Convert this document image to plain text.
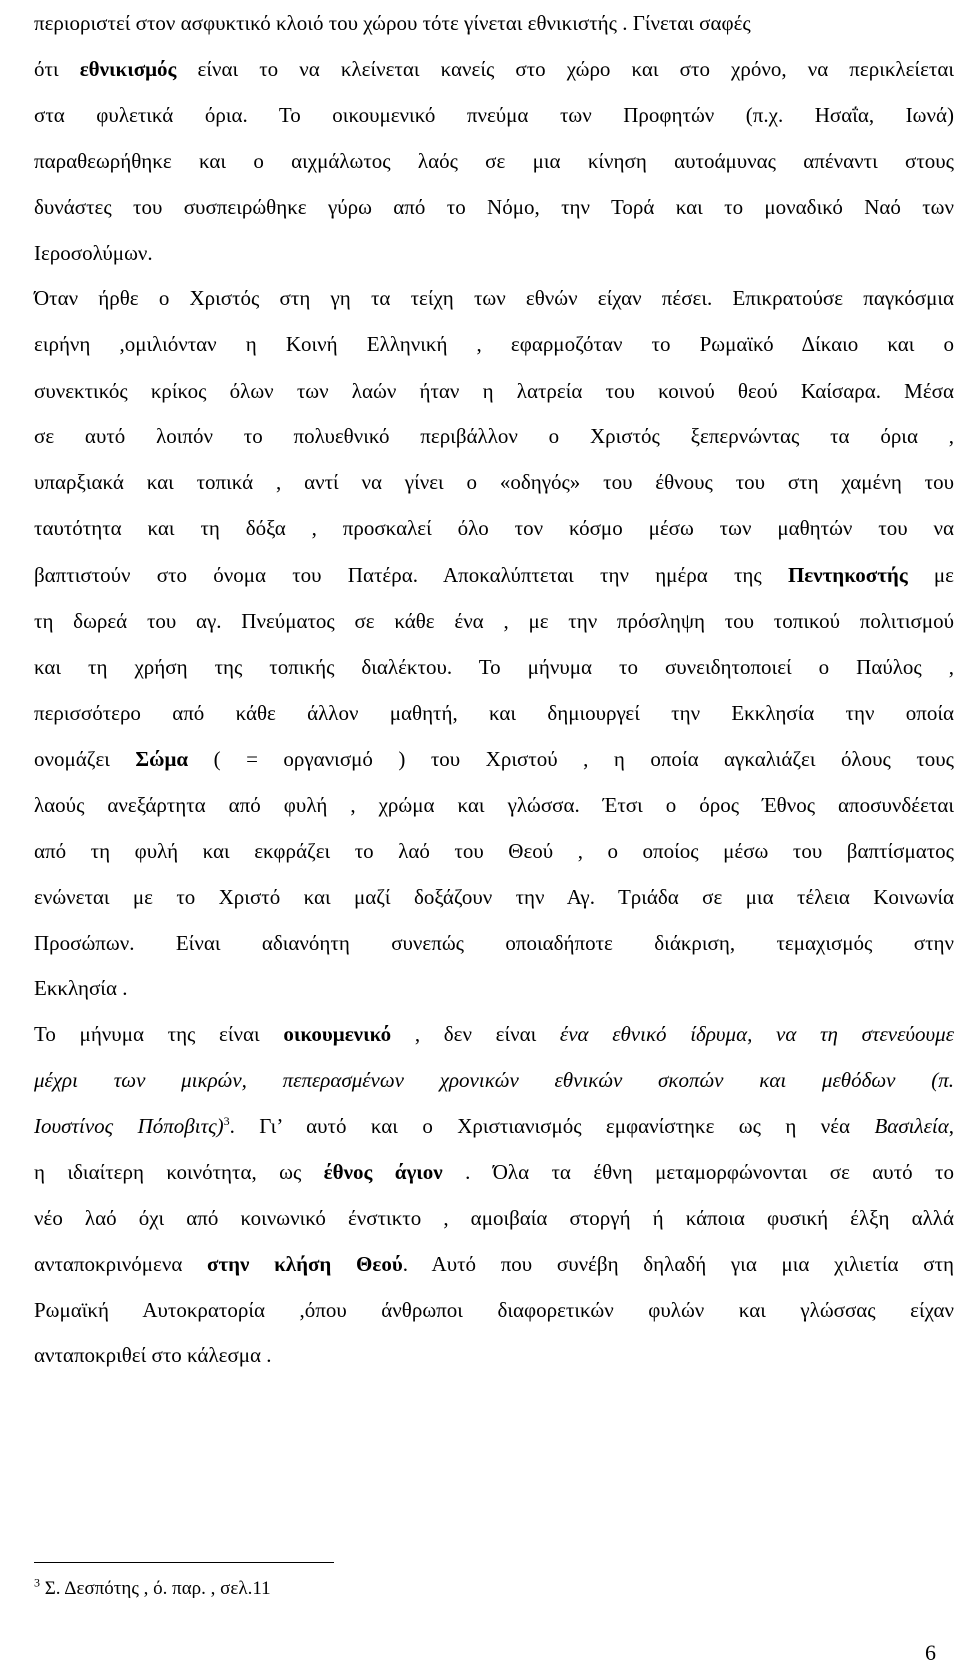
περιοριστεί στον ασφυκτικό κλοιό του χώρου τότε γίνεται εθνικιστής . Γίνεται σαφές
ότι εθνικισμός είναι το να κλείνεται κανείς στο χώρο και στο χρόνο, να περικλείεται
στα φυλετικά όρια. Το οικουμενικό πνεύμα των Προφητών (π.χ. Ησαΐα, Ιωνά)
παραθεωρήθηκε και ο αιχμάλωτος λαός σε μια κίνηση αυτοάμυνας απέναντι στους
δυνάστες του συσπειρώθηκε γύρω από το Νόμο, την Τορά και το μοναδικό Ναό των
Ιεροσολύμων.
Όταν ήρθε ο Χριστός στη γη τα τείχη των εθνών είχαν πέσει. Επικρατούσε παγκόσμια
ειρήνη ,ομιλιόνταν η Κοινή Ελληνική , εφαρμοζόταν το Ρωμαϊκό Δίκαιο και ο
συνεκτικός κρίκος όλων των λαών ήταν η λατρεία του κοινού θεού Καίσαρα. Μέσα
σε αυτό λοιπόν το πολυεθνικό περιβάλλον ο Χριστός ξεπερνώντας τα όρια ,
υπαρξιακά και τοπικά , αντί να γίνει ο «οδηγός» του έθνους του στη χαμένη του
ταυτότητα και τη δόξα , προσκαλεί όλο τον κόσμο μέσω των μαθητών του να
βαπτιστούν στο όνομα του Πατέρα. Αποκαλύπτεται την ημέρα της Πεντηκοστής με
τη δωρεά του αγ. Πνεύματος σε κάθε ένα , με την πρόσληψη του τοπικού πολιτισμού
και τη χρήση της τοπικής διαλέκτου. Το μήνυμα το συνειδητοποιεί ο Παύλος ,
περισσότερο από κάθε άλλον μαθητή, και δημιουργεί την Εκκλησία την οποία
ονομάζει Σώμα ( = οργανισμό ) του Χριστού , η οποία αγκαλιάζει όλους τους
λαούς ανεξάρτητα από φυλή , χρώμα και γλώσσα. Έτσι ο όρος Έθνος αποσυνδέεται
από τη φυλή και εκφράζει το λαό του Θεού , ο οποίος μέσω του βαπτίσματος
ενώνεται με το Χριστό και μαζί δοξάζουν την Αγ. Τριάδα σε μια τέλεια Κοινωνία
Προσώπων. Είναι αδιανόητη συνεπώς οποιαδήποτε διάκριση, τεμαχισμός στην
Εκκλησία .
Το μήνυμα της είναι οικουμενικό , δεν είναι ένα εθνικό ίδρυμα, να τη στενεύουμε
μέχρι των μικρών, πεπερασμένων χρονικών εθνικών σκοπών και μεθόδων (π.
Ιουστίνος Πόποβιτς)$^3$. Γι’ αυτό και ο Χριστιανισμός εμφανίστηκε ως η νέα Βασιλεία,
η ιδιαίτερη κοινότητα, ως έθνος άγιον . Όλα τα έθνη μεταμορφώνονται σε αυτό το
νέο λαό όχι από κοινωνικό ένστικτο , αμοιβαία στοργή ή κάποια φυσική έλξη αλλά
ανταποκρινόμενα στην κλήση Θεού. Αυτό που συνέβη δηλαδή για μια χιλιετία στη
Ρωμαϊκή Αυτοκρατορία ,όπου άνθρωποι διαφορετικών φυλών και γλώσσας είχαν
ανταποκριθεί στο κάλεσμα .
$^3$ Σ. Δεσπότης , ό. παρ. , σελ.11
6
